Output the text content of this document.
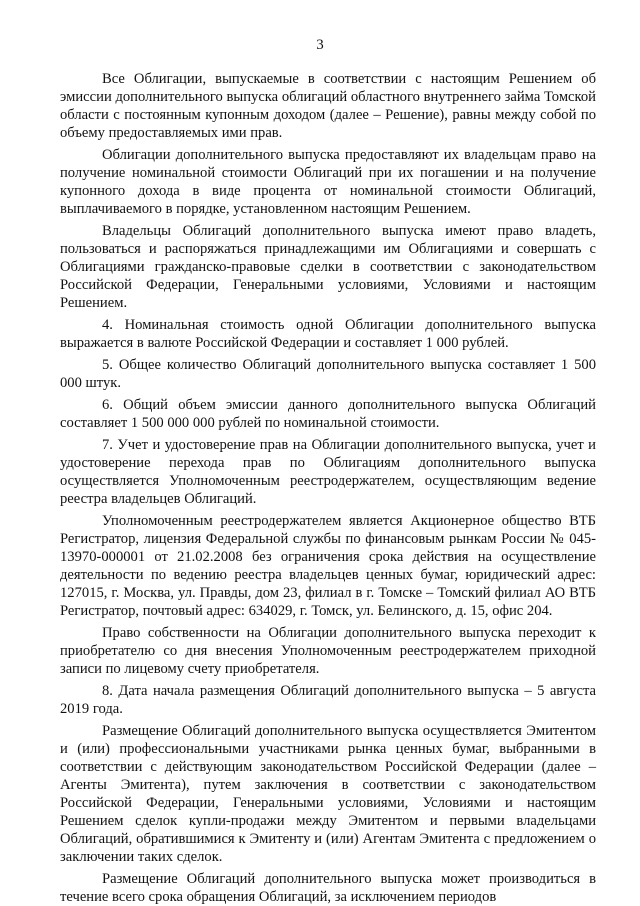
3

Все Облигации, выпускаемые в соответствии с настоящим Решением об эмиссии дополнительного выпуска облигаций областного внутреннего займа Томской области с постоянным купонным доходом (далее – Решение), равны между собой по объему предоставляемых ими прав.

Облигации дополнительного выпуска предоставляют их владельцам право на получение номинальной стоимости Облигаций при их погашении и на получение купонного дохода в виде процента от номинальной стоимости Облигаций, выплачиваемого в порядке, установленном настоящим Решением.

Владельцы Облигаций дополнительного выпуска имеют право владеть, пользоваться и распоряжаться принадлежащими им Облигациями и совершать с Облигациями гражданско-правовые сделки в соответствии с законодательством Российской Федерации, Генеральными условиями, Условиями и настоящим Решением.

4. Номинальная стоимость одной Облигации дополнительного выпуска выражается в валюте Российской Федерации и составляет 1 000 рублей.

5. Общее количество Облигаций дополнительного выпуска составляет 1 500 000 штук.

6. Общий объем эмиссии данного дополнительного выпуска Облигаций составляет 1 500 000 000 рублей по номинальной стоимости.

7. Учет и удостоверение прав на Облигации дополнительного выпуска, учет и удостоверение перехода прав по Облигациям дополнительного выпуска осуществляется Уполномоченным реестродержателем, осуществляющим ведение реестра владельцев Облигаций.

Уполномоченным реестродержателем является Акционерное общество ВТБ Регистратор, лицензия Федеральной службы по финансовым рынкам России № 045-13970-000001 от 21.02.2008 без ограничения срока действия на осуществление деятельности по ведению реестра владельцев ценных бумаг, юридический адрес: 127015, г. Москва, ул. Правды, дом 23, филиал в г. Томске – Томский филиал АО ВТБ Регистратор, почтовый адрес: 634029, г. Томск, ул. Белинского, д. 15, офис 204.

Право собственности на Облигации дополнительного выпуска переходит к приобретателю со дня внесения Уполномоченным реестродержателем приходной записи по лицевому счету приобретателя.

8. Дата начала размещения Облигаций дополнительного выпуска – 5 августа 2019 года.

Размещение Облигаций дополнительного выпуска осуществляется Эмитентом и (или) профессиональными участниками рынка ценных бумаг, выбранными в соответствии с действующим законодательством Российской Федерации (далее – Агенты Эмитента), путем заключения в соответствии с законодательством Российской Федерации, Генеральными условиями, Условиями и настоящим Решением сделок купли-продажи между Эмитентом и первыми владельцами Облигаций, обратившимися к Эмитенту и (или) Агентам Эмитента с предложением о заключении таких сделок.

Размещение Облигаций дополнительного выпуска может производиться в течение всего срока обращения Облигаций, за исключением периодов
